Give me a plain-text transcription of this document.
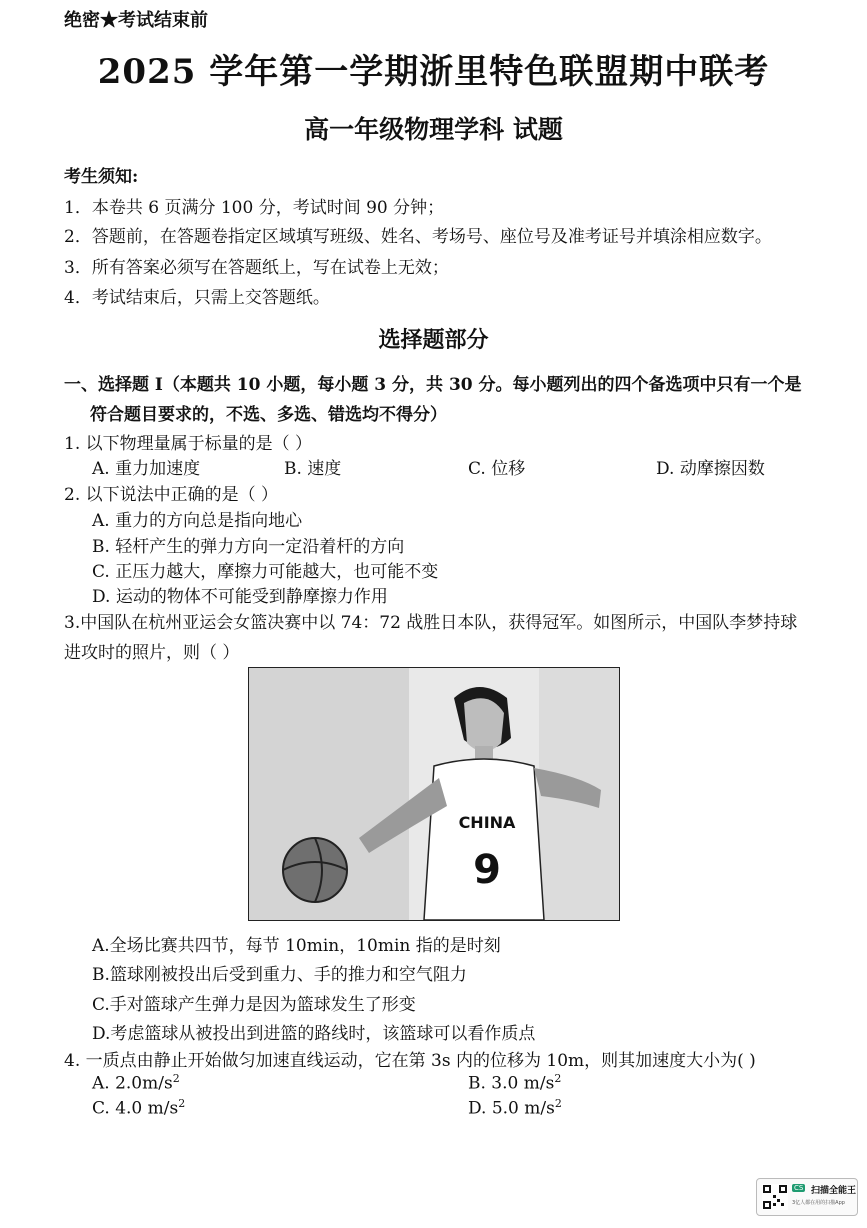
绝密★考试结束前
2025 学年第一学期浙里特色联盟期中联考
高一年级物理学科 试题
考生须知:
1．本卷共 6 页满分 100 分，考试时间 90 分钟；
2．答题前，在答题卷指定区域填写班级、姓名、考场号、座位号及准考证号并填涂相应数字。
3．所有答案必须写在答题纸上，写在试卷上无效；
4．考试结束后，只需上交答题纸。
选择题部分
一、选择题 I（本题共 10 小题，每小题 3 分，共 30 分。每小题列出的四个备选项中只有一个是
符合题目要求的，不选、多选、错选均不得分）
1. 以下物理量属于标量的是（ ）
A. 重力加速度	B. 速度	C. 位移	D. 动摩擦因数
2. 以下说法中正确的是（ ）
A. 重力的方向总是指向地心
B. 轻杆产生的弹力方向一定沿着杆的方向
C. 正压力越大，摩擦力可能越大，也可能不变
D. 运动的物体不可能受到静摩擦力作用
3.中国队在杭州亚运会女篮决赛中以 74：72 战胜日本队，获得冠军。如图所示，中国队李梦持球
进攻时的照片，则（ ）
CHINA
9
A.全场比赛共四节，每节 10min，10min 指的是时刻
B.篮球刚被投出后受到重力、手的推力和空气阻力
C.手对篮球产生弹力是因为篮球发生了形变
D.考虑篮球从被投出到进篮的路线时，该篮球可以看作质点
4. 一质点由静止开始做匀加速直线运动，它在第 3s 内的位移为 10m，则其加速度大小为( )
A. $2.0m/s^2$	B. 3.0 $m/s^2$
C. 4.0 $m/s^2$	D. 5.0 $m/s^2$
CS 扫描全能王
3亿人都在用的扫描App
